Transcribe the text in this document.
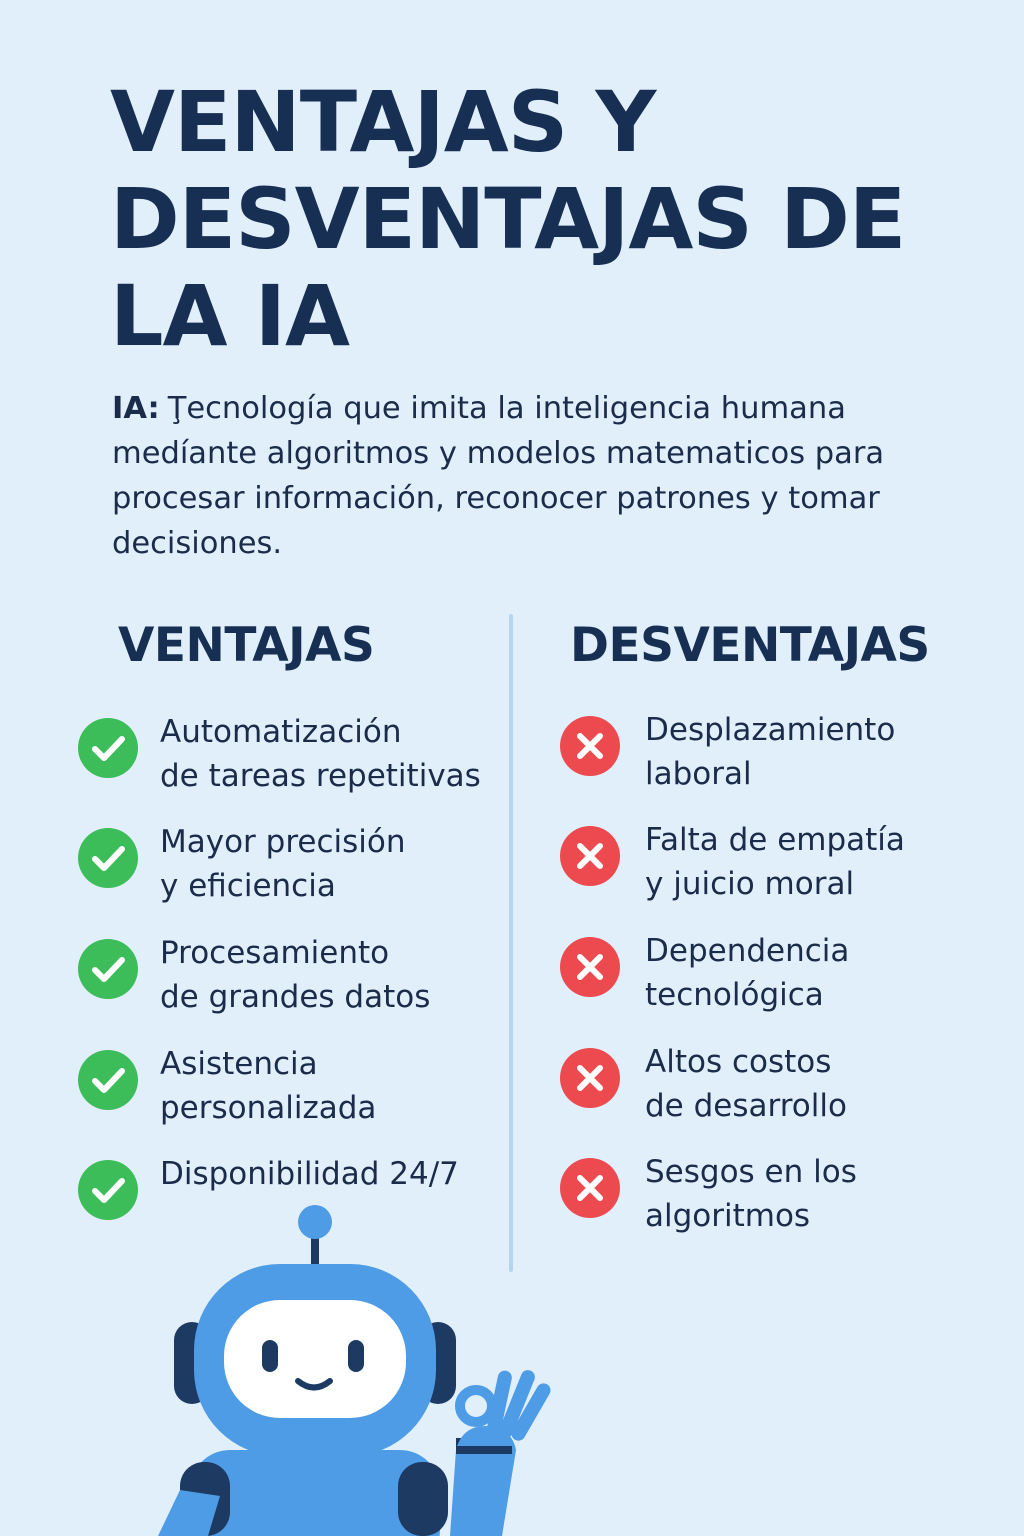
VENTAJAS Y
DESVENTAJAS DE
LA IA

IA: Ţecnología que imita la inteligencia humana medíante algoritmos y modelos matematicos para procesar información, reconocer patrones y tomar decisiones.

VENTAJAS	DESVENTAJAS
Automatización
de tareas repetitivas
Mayor precisión
y eficiencia
Procesamiento
de grandes datos
Asistencia
personalizada
Disponibilidad 24/7
Desplazamiento
laboral
Falta de empatía
y juicio moral
Dependencia
tecnológica
Altos costos
de desarrollo
Sesgos en los
algoritmos
